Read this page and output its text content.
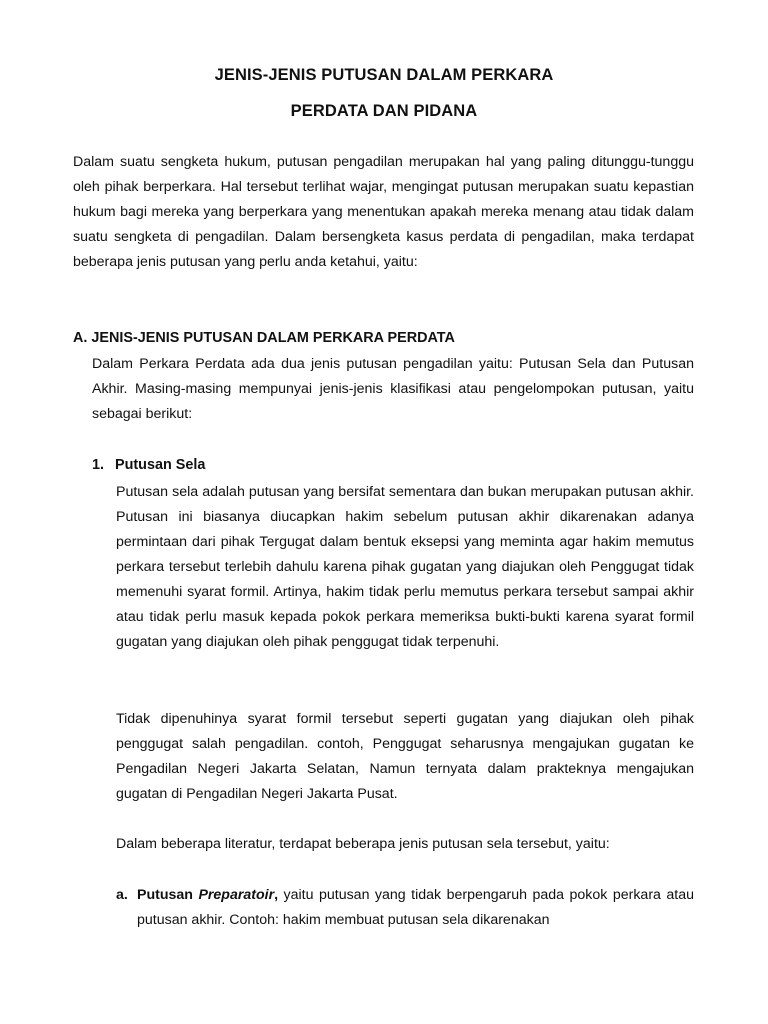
JENIS-JENIS PUTUSAN DALAM PERKARA
PERDATA DAN PIDANA
Dalam suatu sengketa hukum, putusan pengadilan merupakan hal yang paling ditunggu-tunggu oleh pihak berperkara. Hal tersebut terlihat wajar, mengingat putusan merupakan suatu kepastian hukum bagi mereka yang berperkara yang menentukan apakah mereka menang atau tidak dalam suatu sengketa di pengadilan. Dalam bersengketa kasus perdata di pengadilan, maka terdapat beberapa jenis putusan yang perlu anda ketahui, yaitu:
A. JENIS-JENIS PUTUSAN DALAM PERKARA PERDATA
Dalam Perkara Perdata ada dua jenis putusan pengadilan yaitu: Putusan Sela dan Putusan Akhir. Masing-masing mempunyai jenis-jenis klasifikasi atau pengelompokan putusan, yaitu sebagai berikut:
1. Putusan Sela
Putusan sela adalah putusan yang bersifat sementara dan bukan merupakan putusan akhir. Putusan ini biasanya diucapkan hakim sebelum putusan akhir dikarenakan adanya permintaan dari pihak Tergugat dalam bentuk eksepsi yang meminta agar hakim memutus perkara tersebut terlebih dahulu karena pihak gugatan yang diajukan oleh Penggugat tidak memenuhi syarat formil. Artinya, hakim tidak perlu memutus perkara tersebut sampai akhir atau tidak perlu masuk kepada pokok perkara memeriksa bukti-bukti karena syarat formil gugatan yang diajukan oleh pihak penggugat tidak terpenuhi.
Tidak dipenuhinya syarat formil tersebut seperti gugatan yang diajukan oleh pihak penggugat salah pengadilan. contoh, Penggugat seharusnya mengajukan gugatan ke Pengadilan Negeri Jakarta Selatan, Namun ternyata dalam prakteknya mengajukan gugatan di Pengadilan Negeri Jakarta Pusat.
Dalam beberapa literatur, terdapat beberapa jenis putusan sela tersebut, yaitu:
a. Putusan Preparatoir, yaitu putusan yang tidak berpengaruh pada pokok perkara atau putusan akhir. Contoh: hakim membuat putusan sela dikarenakan
